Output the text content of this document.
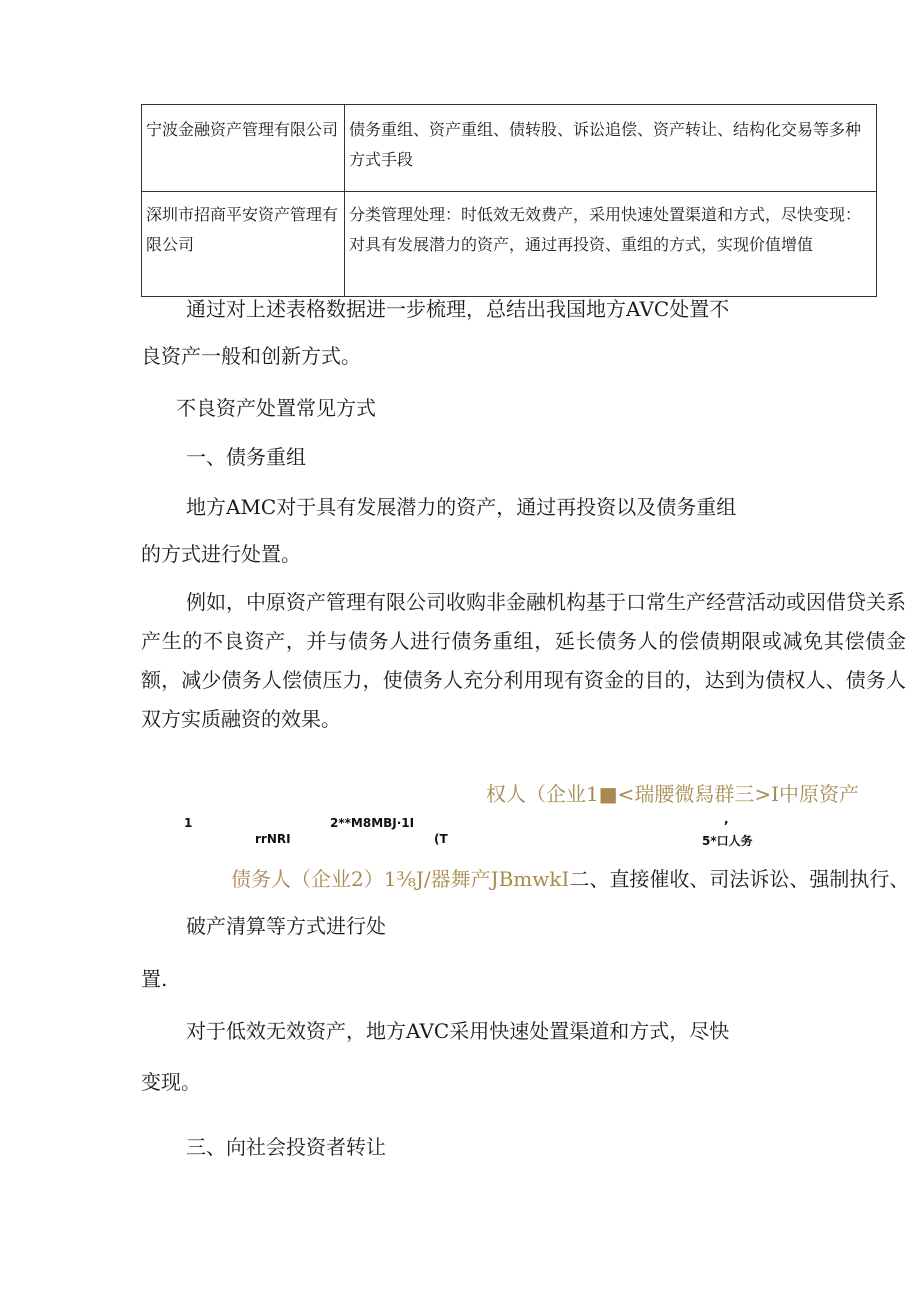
宁波金融资产管理有限公司	债务重组、资产重组、债转股、诉讼追偿、资产转让、结构化交易等多种方式手段
深圳市招商平安资产管理有限公司	分类管理处理：时低效无效费产，采用快速处置渠道和方式，尽快变现：对具有发展潜力的资产，通过再投资、重组的方式，实现价值增值
通过对上述表格数据进一步梳理，总结出我国地方AVC处置不
良资产一般和创新方式。
不良资产处置常见方式
一、债务重组
地方AMC对于具有发展潜力的资产，通过再投资以及债务重组
的方式进行处置。
例如，中原资产管理有限公司收购非金融机构基于口常生产经营活动或因借贷关系产生的不良资产，并与债务人进行债务重组，延长债务人的偿债期限或减免其偿债金额，减少债务人偿债压力，使债务人充分利用现有资金的目的，达到为债权人、债务人双方实质融资的效果。
权人（企业1■<瑞腰微舄群三>I中原资产
1
rrNRI
2**M8MBJ·1I
(T
,
5*口人务
债务人（企业2）1⅜J/器舞产JBmwkI二、直接催收、司法诉讼、强制执行、
破产清算等方式进行处
置.
对于低效无效资产，地方AVC采用快速处置渠道和方式，尽快
变现。
三、向社会投资者转让
